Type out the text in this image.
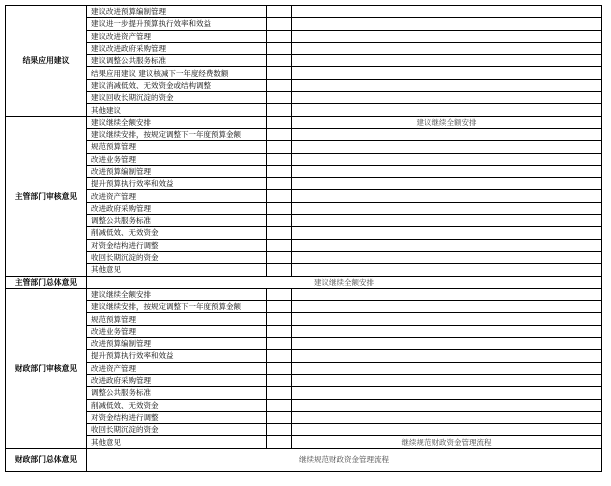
结果应用建议	建议改进预算编制管理		
	建议进一步提升预算执行效率和效益		
	建议改进资产管理		
	建议改进政府采购管理		
	建议调整公共服务标准		
	结果应用建议 建议核减下一年度经费数额		
	建议消减低效、无效资金或结构调整		
	建议回收长期沉淀的资金		
	其他建议		
主管部门审核意见	建议继续全额安排		建议继续全额安排
	建议继续安排，按规定调整下一年度预算金额		
	规范预算管理		
	改进业务管理		
	改进预算编制管理		
	提升预算执行效率和效益		
	改进资产管理		
	改进政府采购管理		
	调整公共服务标准		
	削减低效、无效资金		
	对资金结构进行调整		
	收回长期沉淀的资金		
	其他意见		
主管部门总体意见	建议继续全额安排		
财政部门审核意见	建议继续全额安排		
	建议继续安排，按规定调整下一年度预算金额		
	规范预算管理		
	改进业务管理		
	改进预算编制管理		
	提升预算执行效率和效益		
	改进资产管理		
	改进政府采购管理		
	调整公共服务标准		
	削减低效、无效资金		
	对资金结构进行调整		
	收回长期沉淀的资金		
	其他意见		继续规范财政资金管理流程
财政部门总体意见	继续规范财政资金管理流程		
